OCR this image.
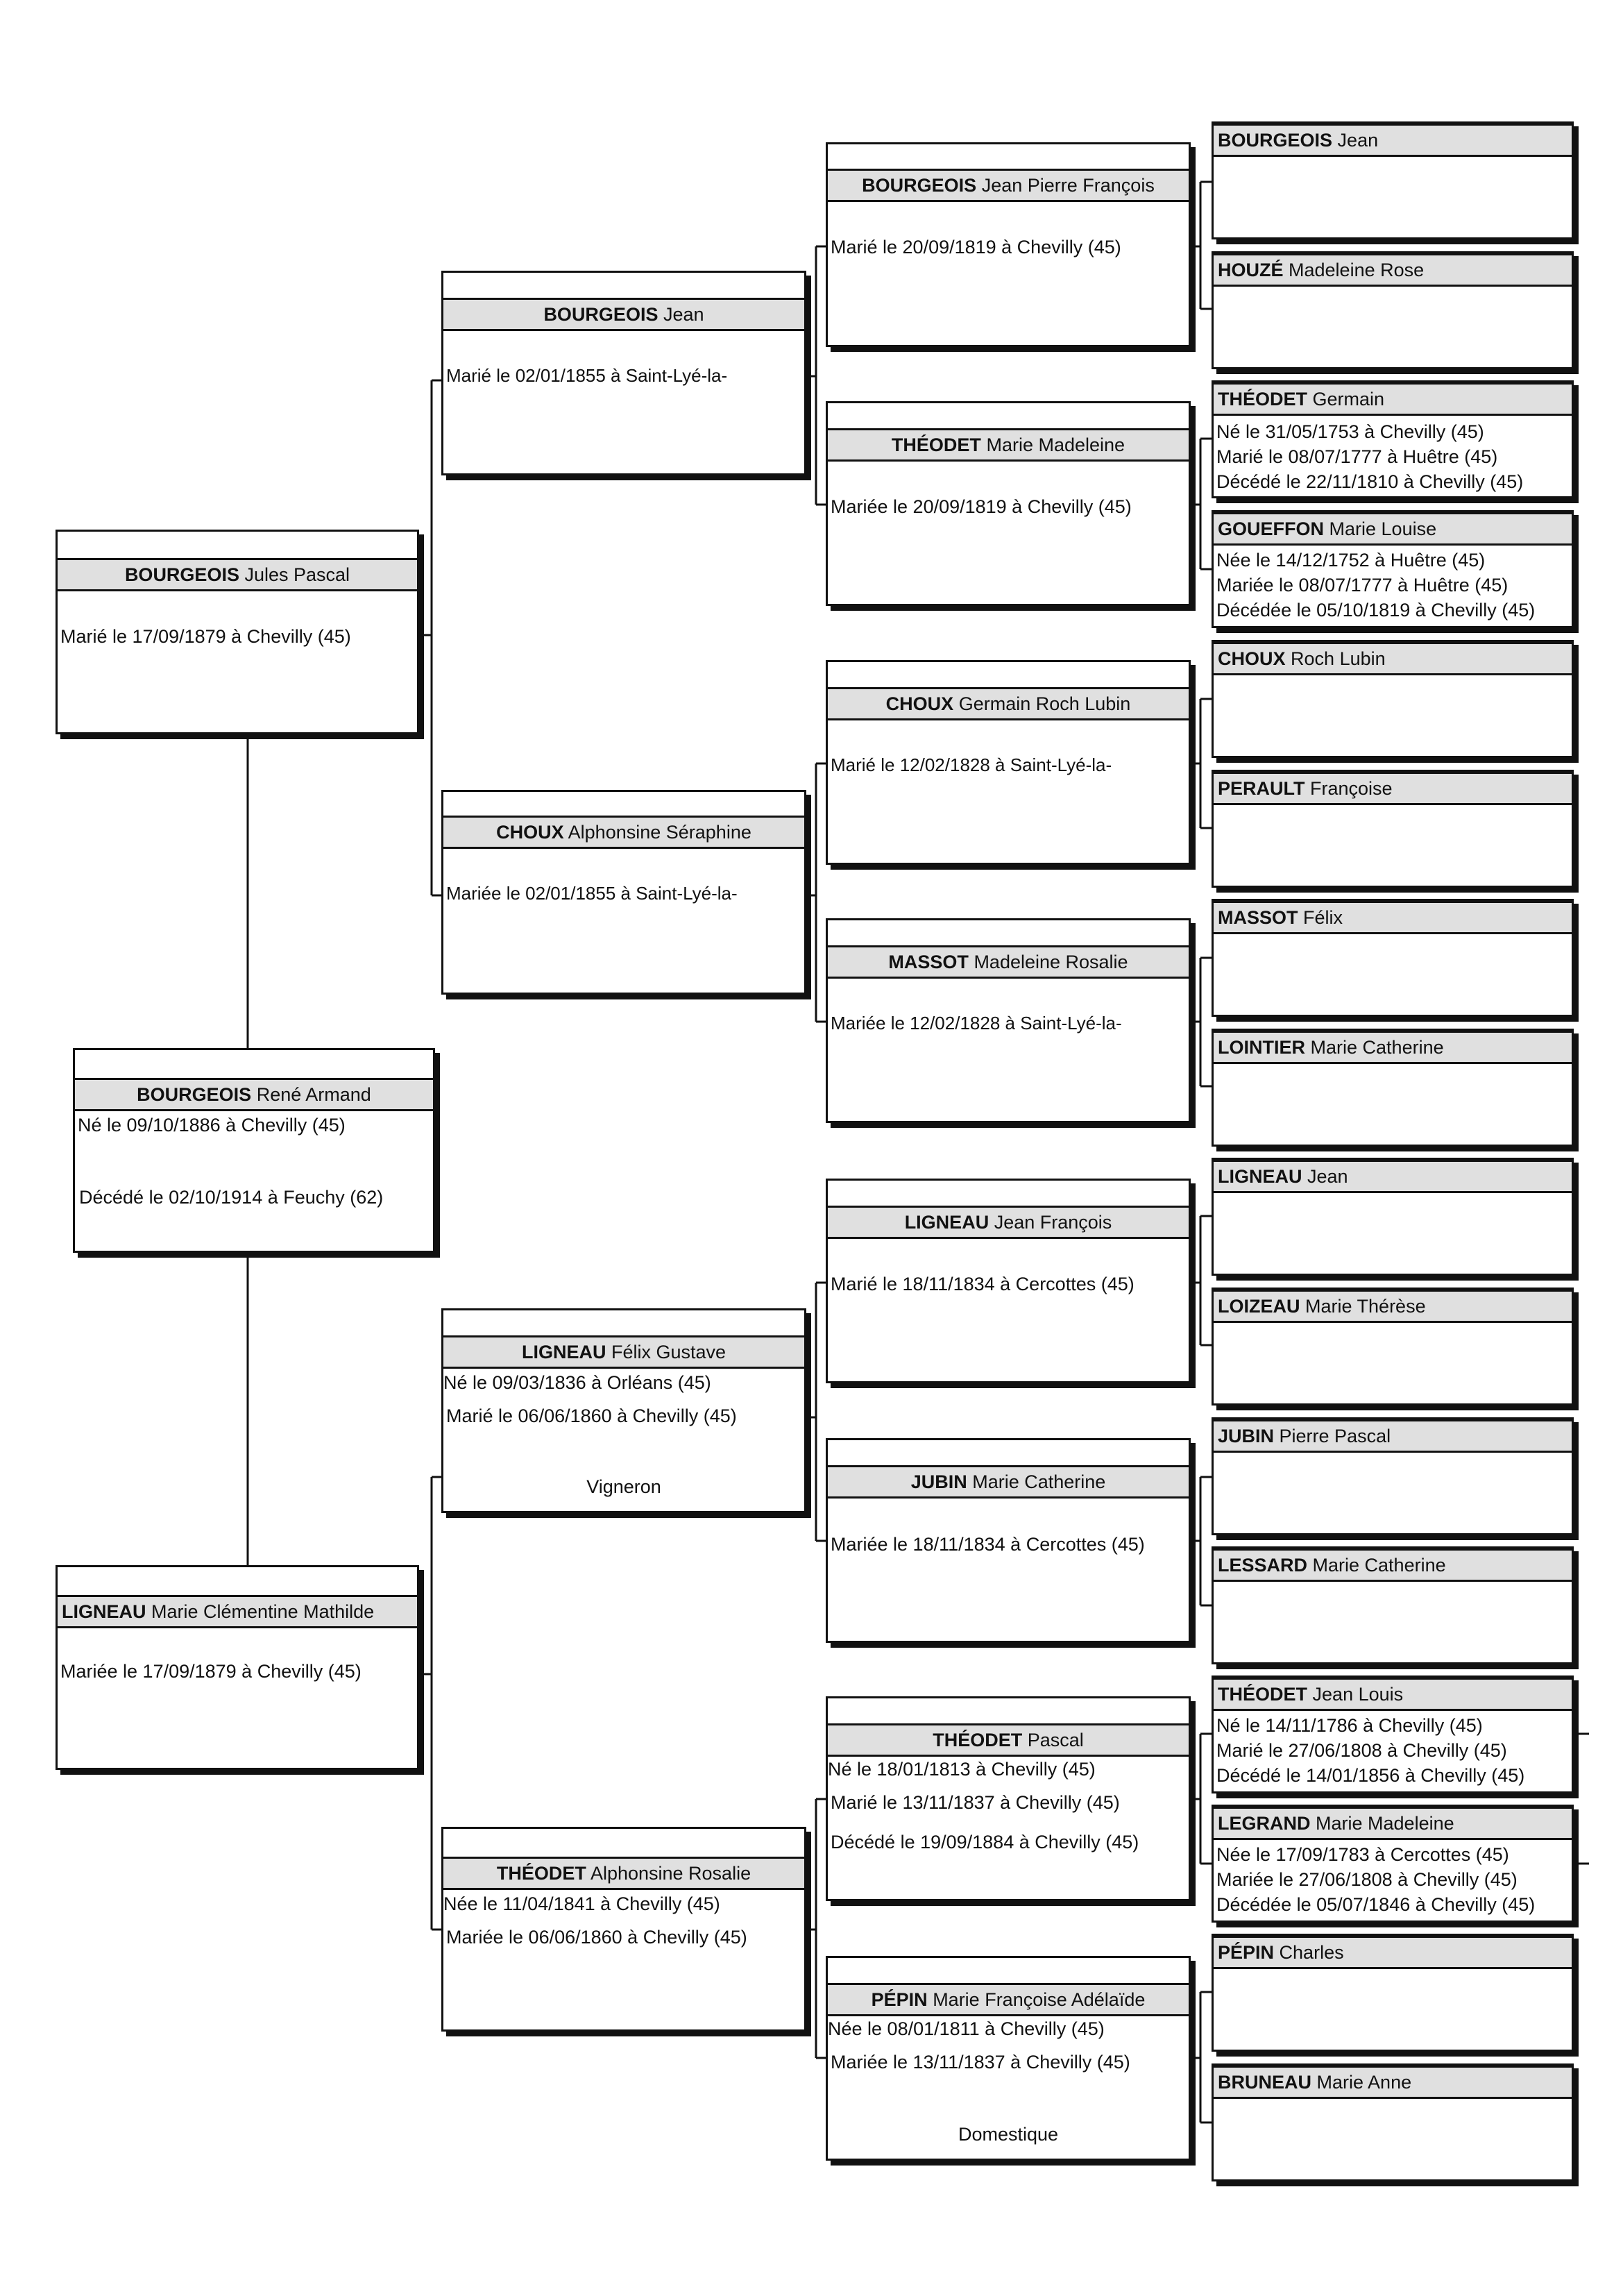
BOURGEOIS René Armand
Né le 09/10/1886 à Chevilly (45)
Décédé le 02/10/1914 à Feuchy (62)
BOURGEOIS Jules Pascal
Marié le 17/09/1879 à Chevilly (45)
LIGNEAU Marie Clémentine Mathilde
Mariée le 17/09/1879 à Chevilly (45)
BOURGEOIS Jean
Marié le 02/01/1855 à Saint-Lyé-la-
CHOUX Alphonsine Séraphine
Mariée le 02/01/1855 à Saint-Lyé-la-
LIGNEAU Félix Gustave
Né le 09/03/1836 à Orléans (45)
Marié le 06/06/1860 à Chevilly (45)
Vigneron
THÉODET Alphonsine Rosalie
Née le 11/04/1841 à Chevilly (45)
Mariée le 06/06/1860 à Chevilly (45)
BOURGEOIS Jean Pierre François
Marié le 20/09/1819 à Chevilly (45)
THÉODET Marie Madeleine
Mariée le 20/09/1819 à Chevilly (45)
CHOUX Germain Roch Lubin
Marié le 12/02/1828 à Saint-Lyé-la-
MASSOT Madeleine Rosalie
Mariée le 12/02/1828 à Saint-Lyé-la-
LIGNEAU Jean François
Marié le 18/11/1834 à Cercottes (45)
JUBIN Marie Catherine
Mariée le 18/11/1834 à Cercottes (45)
THÉODET Pascal
Né le 18/01/1813 à Chevilly (45)
Marié le 13/11/1837 à Chevilly (45)
Décédé le 19/09/1884 à Chevilly (45)
PÉPIN Marie Françoise Adélaïde
Née le 08/01/1811 à Chevilly (45)
Mariée le 13/11/1837 à Chevilly (45)
Domestique
BOURGEOIS Jean
HOUZÉ Madeleine Rose
THÉODET Germain
Né le 31/05/1753 à Chevilly (45)
Marié le 08/07/1777 à Huêtre (45)
Décédé le 22/11/1810 à Chevilly (45)
GOUEFFON Marie Louise
Née le 14/12/1752 à Huêtre (45)
Mariée le 08/07/1777 à Huêtre (45)
Décédée le 05/10/1819 à Chevilly (45)
CHOUX Roch Lubin
PERAULT Françoise
MASSOT Félix
LOINTIER Marie Catherine
LIGNEAU Jean
LOIZEAU Marie Thérèse
JUBIN Pierre Pascal
LESSARD Marie Catherine
THÉODET Jean Louis
Né le 14/11/1786 à Chevilly (45)
Marié le 27/06/1808 à Chevilly (45)
Décédé le 14/01/1856 à Chevilly (45)
LEGRAND Marie Madeleine
Née le 17/09/1783 à Cercottes (45)
Mariée le 27/06/1808 à Chevilly (45)
Décédée le 05/07/1846 à Chevilly (45)
PÉPIN Charles
BRUNEAU Marie Anne
